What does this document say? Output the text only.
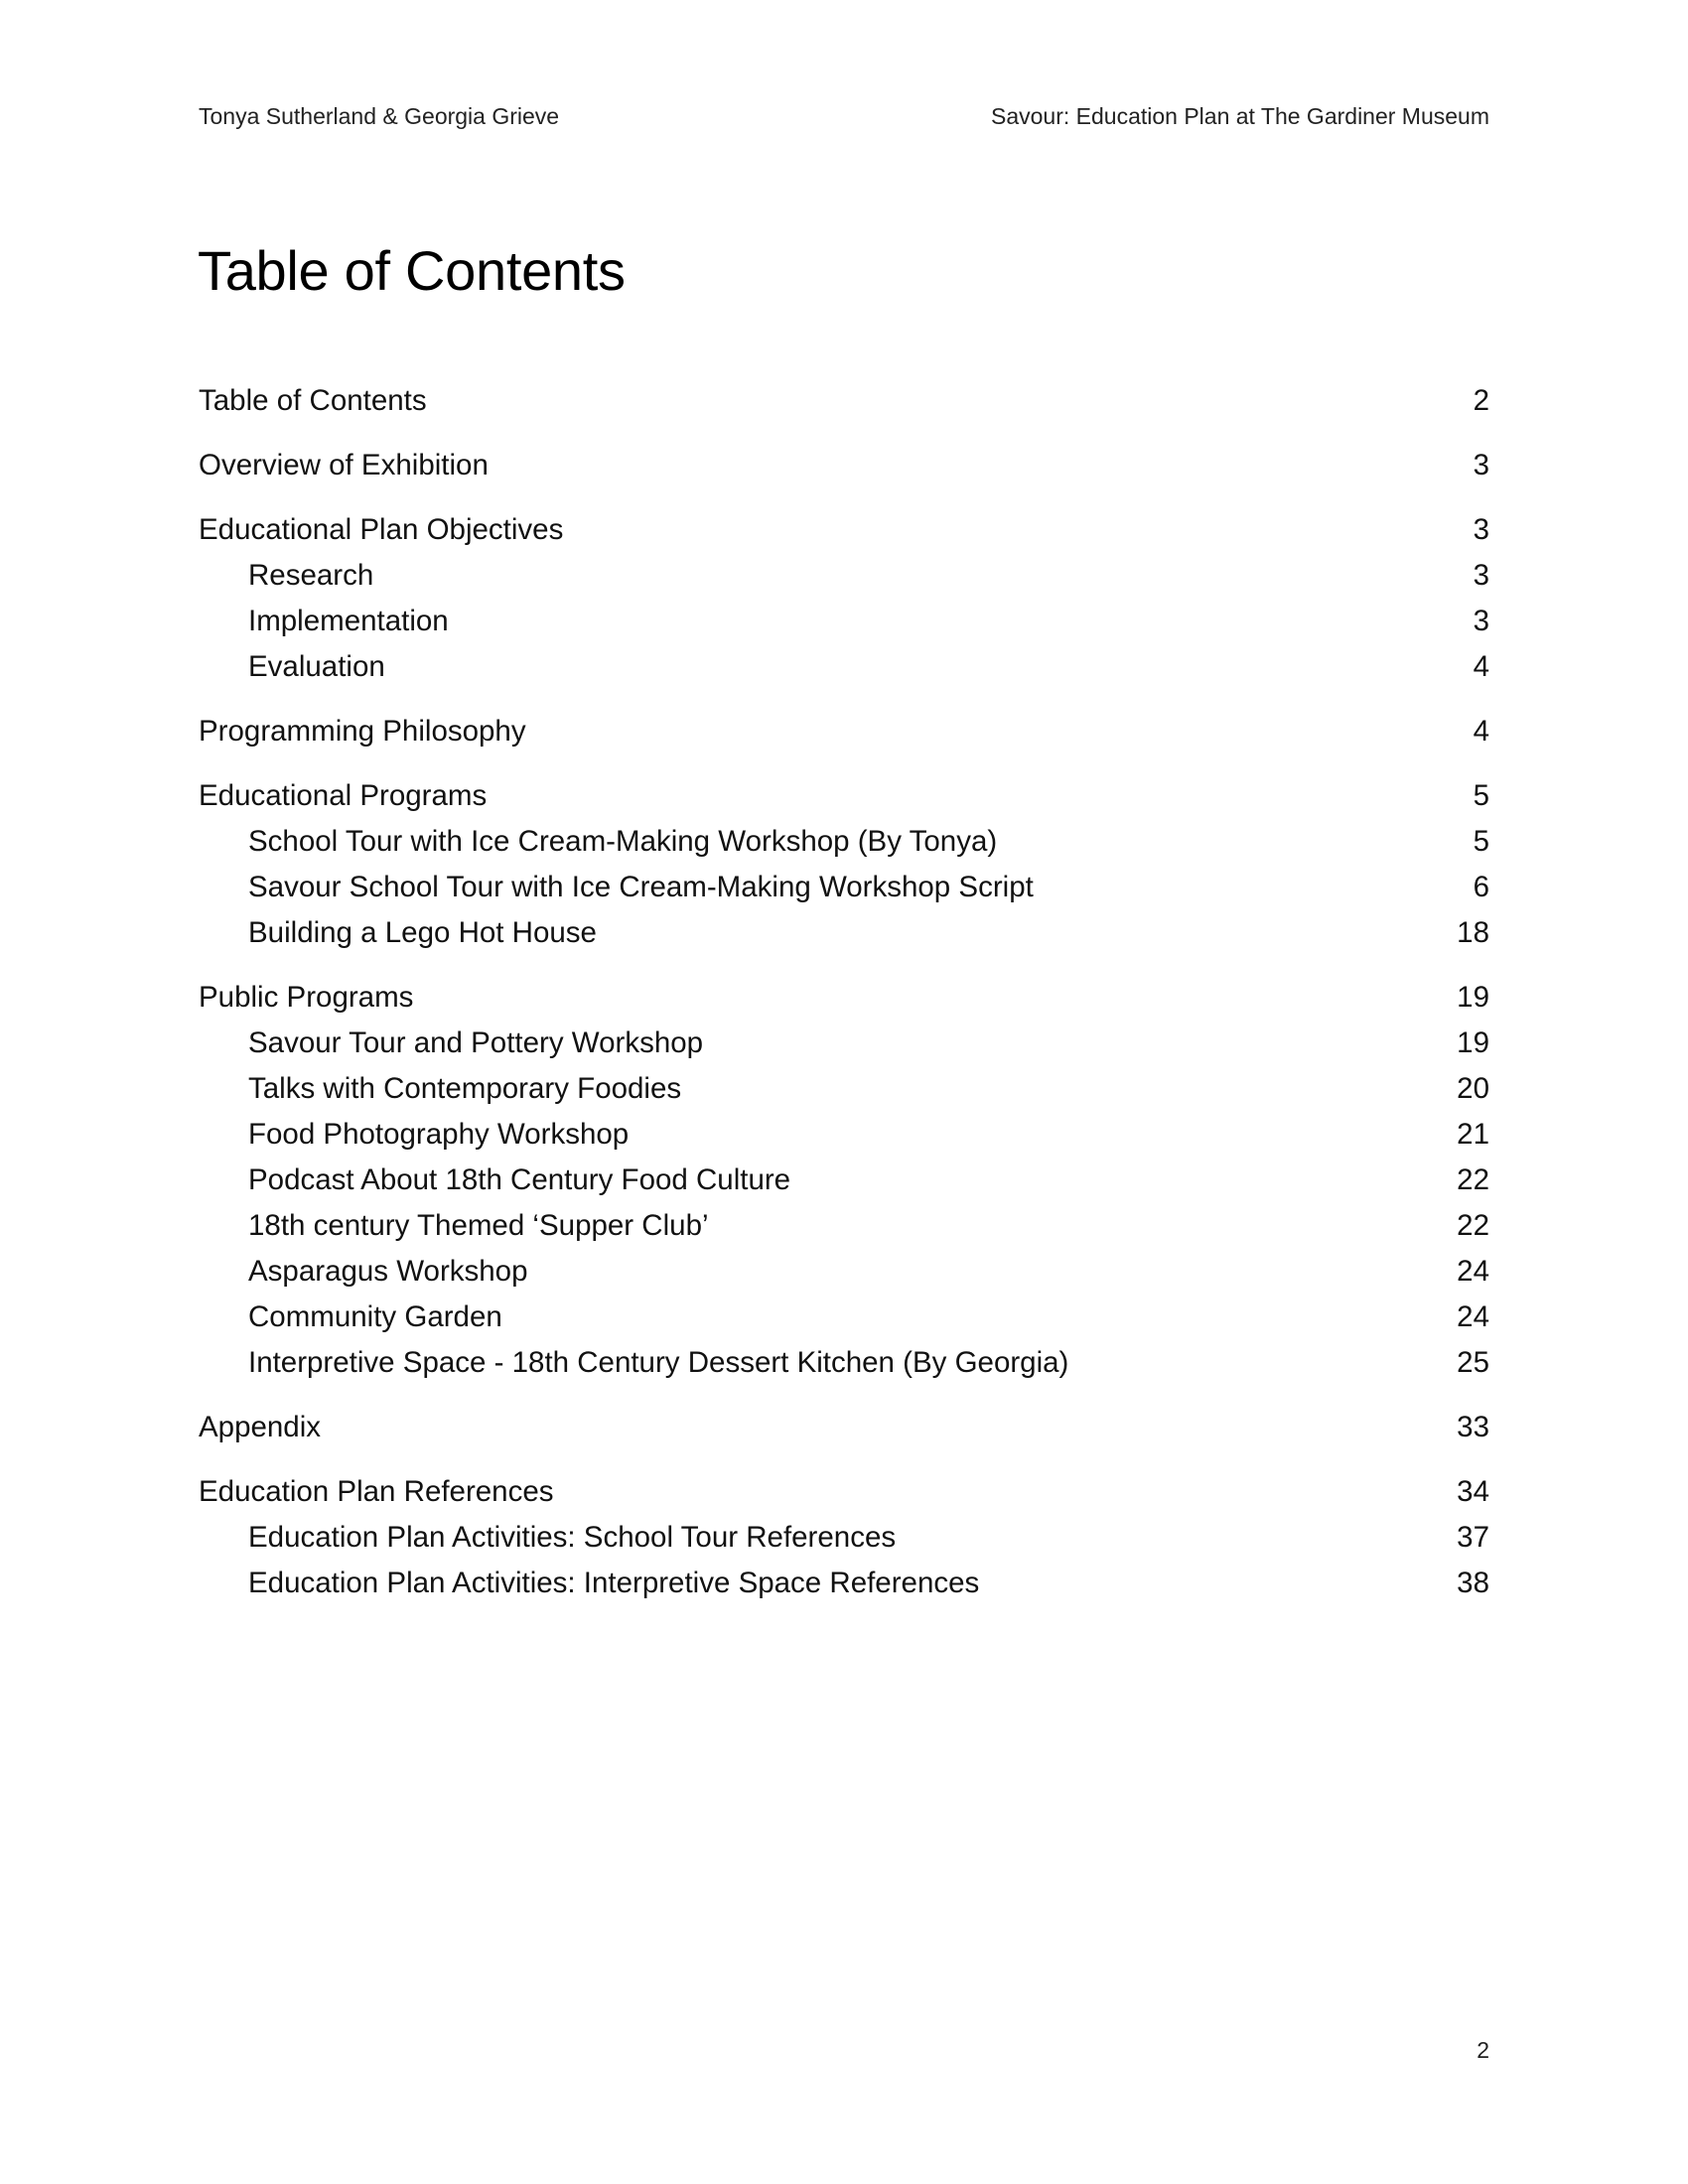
Tonya Sutherland & Georgia Grieve	Savour: Education Plan at The Gardiner Museum
Table of Contents
Table of Contents	2
Overview of Exhibition	3
Educational Plan Objectives	3
Research	3
Implementation	3
Evaluation	4
Programming Philosophy	4
Educational Programs	5
School Tour with Ice Cream-Making Workshop (By Tonya)	5
Savour School Tour with Ice Cream-Making Workshop Script	6
Building a Lego Hot House	18
Public Programs	19
Savour Tour and Pottery Workshop	19
Talks with Contemporary Foodies	20
Food Photography Workshop	21
Podcast About 18th Century Food Culture	22
18th century Themed ‘Supper Club’	22
Asparagus Workshop	24
Community Garden	24
Interpretive Space - 18th Century Dessert Kitchen (By Georgia)	25
Appendix	33
Education Plan References	34
Education Plan Activities: School Tour References	37
Education Plan Activities: Interpretive Space References	38
2
